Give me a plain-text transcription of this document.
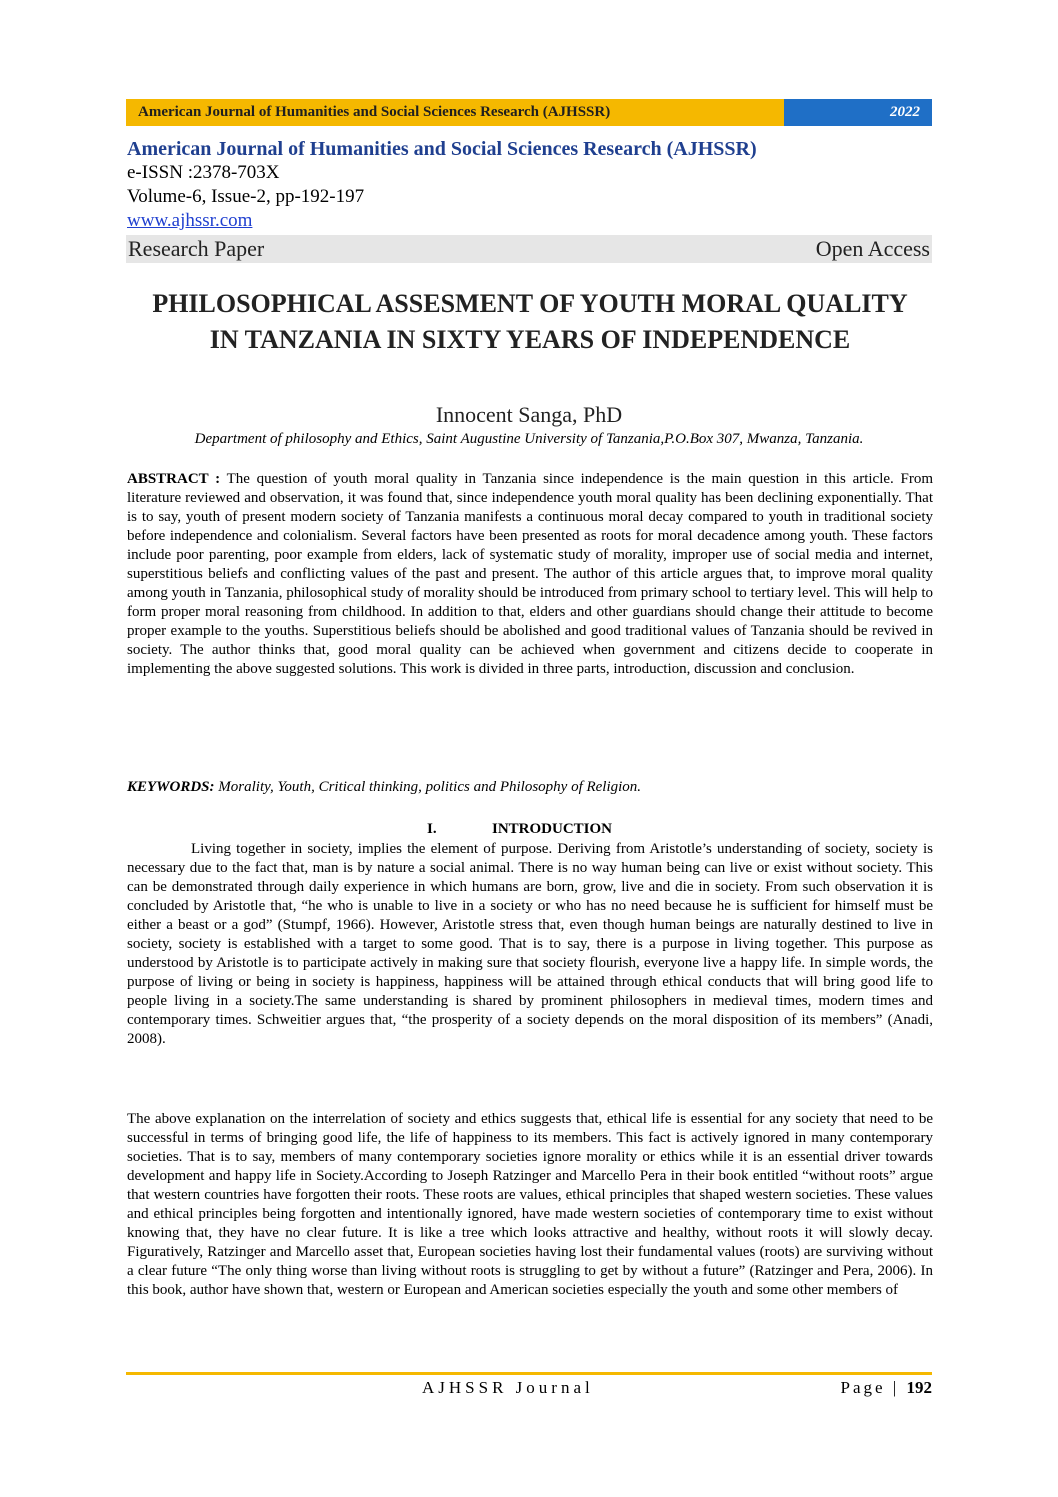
American Journal of Humanities and Social Sciences Research (AJHSSR)	2022
American Journal of Humanities and Social Sciences Research (AJHSSR)
e-ISSN :2378-703X
Volume-6, Issue-2, pp-192-197
www.ajhssr.com
Research Paper	Open Access
PHILOSOPHICAL ASSESMENT OF YOUTH MORAL QUALITY IN TANZANIA IN SIXTY YEARS OF INDEPENDENCE
Innocent Sanga, PhD
Department of philosophy and Ethics, Saint Augustine University of Tanzania,P.O.Box 307, Mwanza, Tanzania.
ABSTRACT : The question of youth moral quality in Tanzania since independence is the main question in this article. From literature reviewed and observation, it was found that, since independence youth moral quality has been declining exponentially. That is to say, youth of present modern society of Tanzania manifests a continuous moral decay compared to youth in traditional society before independence and colonialism. Several factors have been presented as roots for moral decadence among youth. These factors include poor parenting, poor example from elders, lack of systematic study of morality, improper use of social media and internet, superstitious beliefs and conflicting values of the past and present. The author of this article argues that, to improve moral quality among youth in Tanzania, philosophical study of morality should be introduced from primary school to tertiary level. This will help to form proper moral reasoning from childhood. In addition to that, elders and other guardians should change their attitude to become proper example to the youths. Superstitious beliefs should be abolished and good traditional values of Tanzania should be revived in society. The author thinks that, good moral quality can be achieved when government and citizens decide to cooperate in implementing the above suggested solutions. This work is divided in three parts, introduction, discussion and conclusion.
KEYWORDS: Morality, Youth, Critical thinking, politics and Philosophy of Religion.
I.	INTRODUCTION
Living together in society, implies the element of purpose. Deriving from Aristotle’s understanding of society, society is necessary due to the fact that, man is by nature a social animal. There is no way human being can live or exist without society. This can be demonstrated through daily experience in which humans are born, grow, live and die in society. From such observation it is concluded by Aristotle that, “he who is unable to live in a society or who has no need because he is sufficient for himself must be either a beast or a god” (Stumpf, 1966). However, Aristotle stress that, even though human beings are naturally destined to live in society, society is established with a target to some good. That is to say, there is a purpose in living together. This purpose as understood by Aristotle is to participate actively in making sure that society flourish, everyone live a happy life. In simple words, the purpose of living or being in society is happiness, happiness will be attained through ethical conducts that will bring good life to people living in a society.The same understanding is shared by prominent philosophers in medieval times, modern times and contemporary times. Schweitier argues that, “the prosperity of a society depends on the moral disposition of its members” (Anadi, 2008).
The above explanation on the interrelation of society and ethics suggests that, ethical life is essential for any society that need to be successful in terms of bringing good life, the life of happiness to its members. This fact is actively ignored in many contemporary societies. That is to say, members of many contemporary societies ignore morality or ethics while it is an essential driver towards development and happy life in Society.According to Joseph Ratzinger and Marcello Pera in their book entitled “without roots” argue that western countries have forgotten their roots. These roots are values, ethical principles that shaped western societies. These values and ethical principles being forgotten and intentionally ignored, have made western societies of contemporary time to exist without knowing that, they have no clear future. It is like a tree which looks attractive and healthy, without roots it will slowly decay. Figuratively, Ratzinger and Marcello asset that, European societies having lost their fundamental values (roots) are surviving without a clear future “The only thing worse than living without roots is struggling to get by without a future” (Ratzinger and Pera, 2006). In this book, author have shown that, western or European and American societies especially the youth and some other members of
AJHSSR Journal	Page | 192
